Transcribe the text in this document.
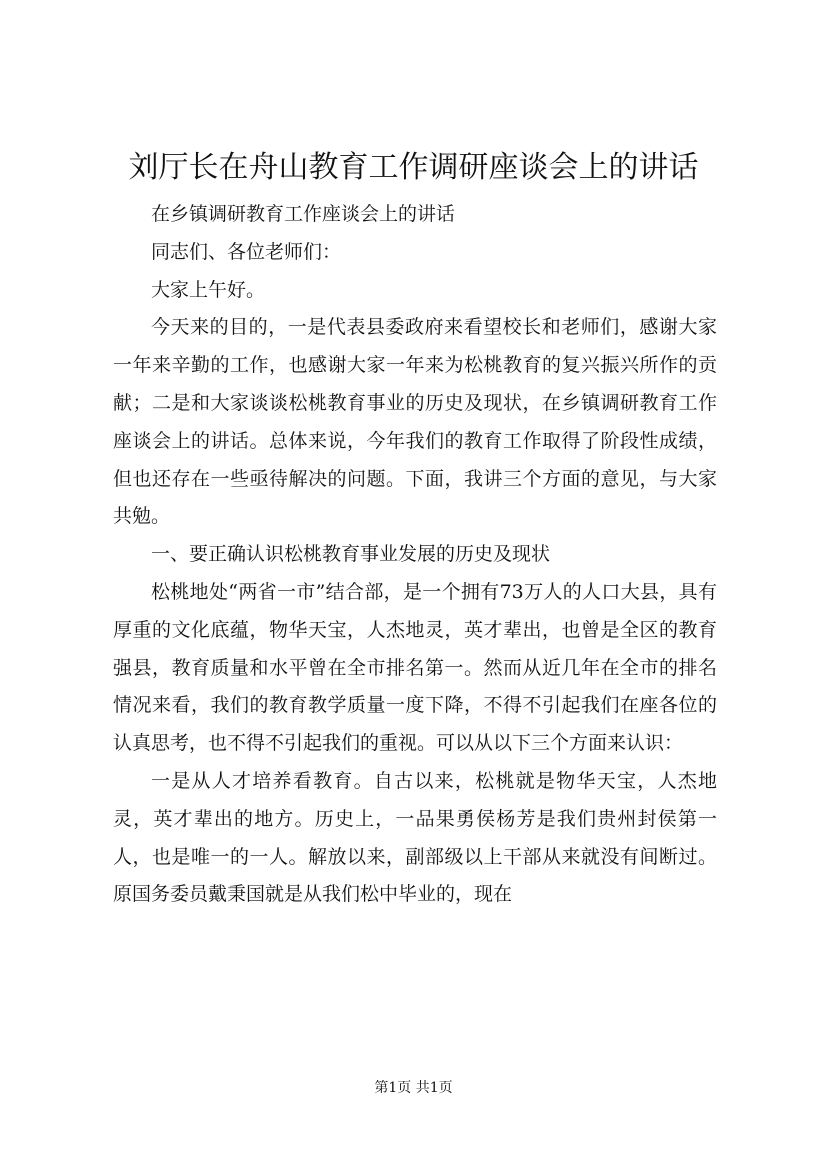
刘厅长在舟山教育工作调研座谈会上的讲话

在乡镇调研教育工作座谈会上的讲话

同志们、各位老师们：

大家上午好。

今天来的目的，一是代表县委政府来看望校长和老师们，感谢大家一年来辛勤的工作，也感谢大家一年来为松桃教育的复兴振兴所作的贡献；二是和大家谈谈松桃教育事业的历史及现状，在乡镇调研教育工作座谈会上的讲话。总体来说，今年我们的教育工作取得了阶段性成绩，但也还存在一些亟待解决的问题。下面，我讲三个方面的意见，与大家共勉。

一、要正确认识松桃教育事业发展的历史及现状

松桃地处“两省一市”结合部，是一个拥有73万人的人口大县，具有厚重的文化底蕴，物华天宝，人杰地灵，英才辈出，也曾是全区的教育强县，教育质量和水平曾在全市排名第一。然而从近几年在全市的排名情况来看，我们的教育教学质量一度下降，不得不引起我们在座各位的认真思考，也不得不引起我们的重视。可以从以下三个方面来认识：

一是从人才培养看教育。自古以来，松桃就是物华天宝，人杰地灵，英才辈出的地方。历史上，一品果勇侯杨芳是我们贵州封侯第一人，也是唯一的一人。解放以来，副部级以上干部从来就没有间断过。原国务委员戴秉国就是从我们松中毕业的，现在

第1页 共1页
